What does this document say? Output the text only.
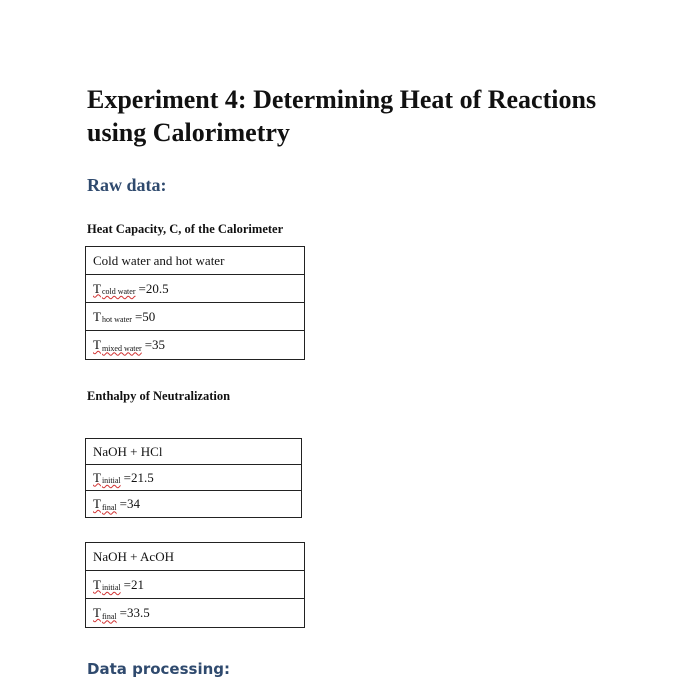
Experiment 4: Determining Heat of Reactions using Calorimetry
Raw data:
Heat Capacity, C, of the Calorimeter
Cold water and hot water
T cold water =20.5
T hot water =50
T mixed water =35
Enthalpy of Neutralization
NaOH + HCl
T initial =21.5
T final =34
NaOH + AcOH
T initial =21
T final =33.5
Data processing:
